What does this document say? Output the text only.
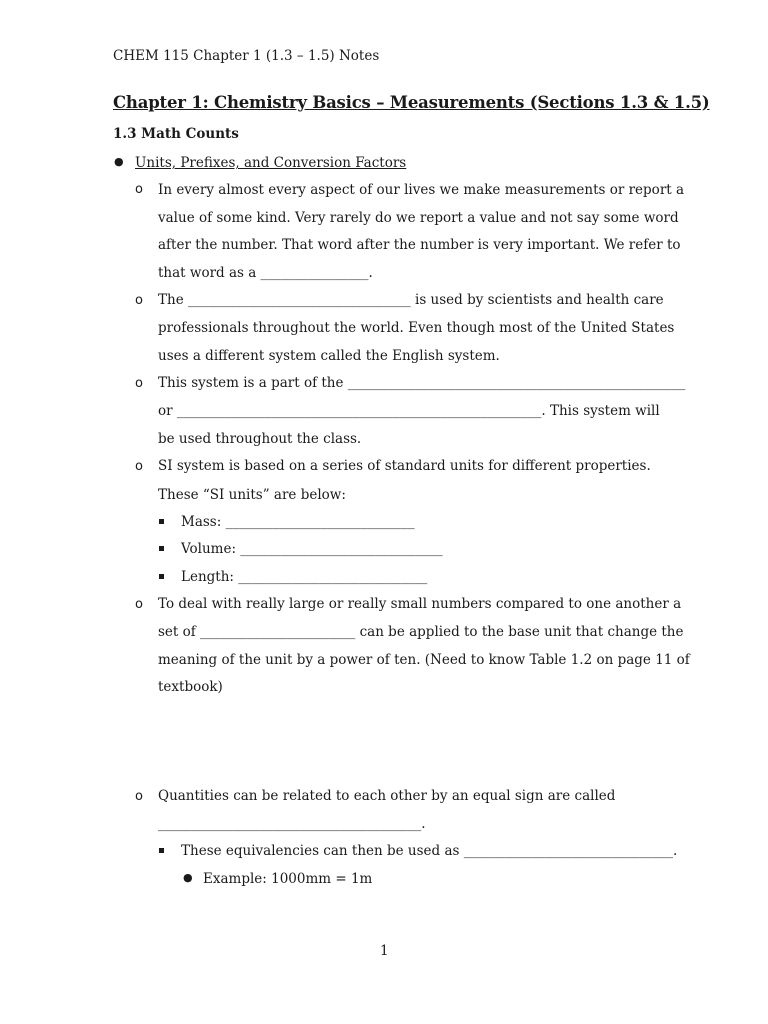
CHEM 115 Chapter 1 (1.3 – 1.5) Notes
Chapter 1: Chemistry Basics – Measurements (Sections 1.3 & 1.5)
1.3 Math Counts
● Units, Prefixes, and Conversion Factors
o In every almost every aspect of our lives we make measurements or report a
value of some kind. Very rarely do we report a value and not say some word
after the number. That word after the number is very important. We refer to
that word as a ________________.
o The _________________________________ is used by scientists and health care
professionals throughout the world. Even though most of the United States
uses a different system called the English system.
o This system is a part of the __________________________________________________
or ______________________________________________________. This system will
be used throughout the class.
o SI system is based on a series of standard units for different properties.
These “SI units” are below:
Mass: ____________________________
Volume: ______________________________
Length: ____________________________
o To deal with really large or really small numbers compared to one another a
set of _______________________ can be applied to the base unit that change the
meaning of the unit by a power of ten. (Need to know Table 1.2 on page 11 of
textbook)
o Quantities can be related to each other by an equal sign are called
_______________________________________.
These equivalencies can then be used as _______________________________.
● Example: 1000mm = 1m
1
